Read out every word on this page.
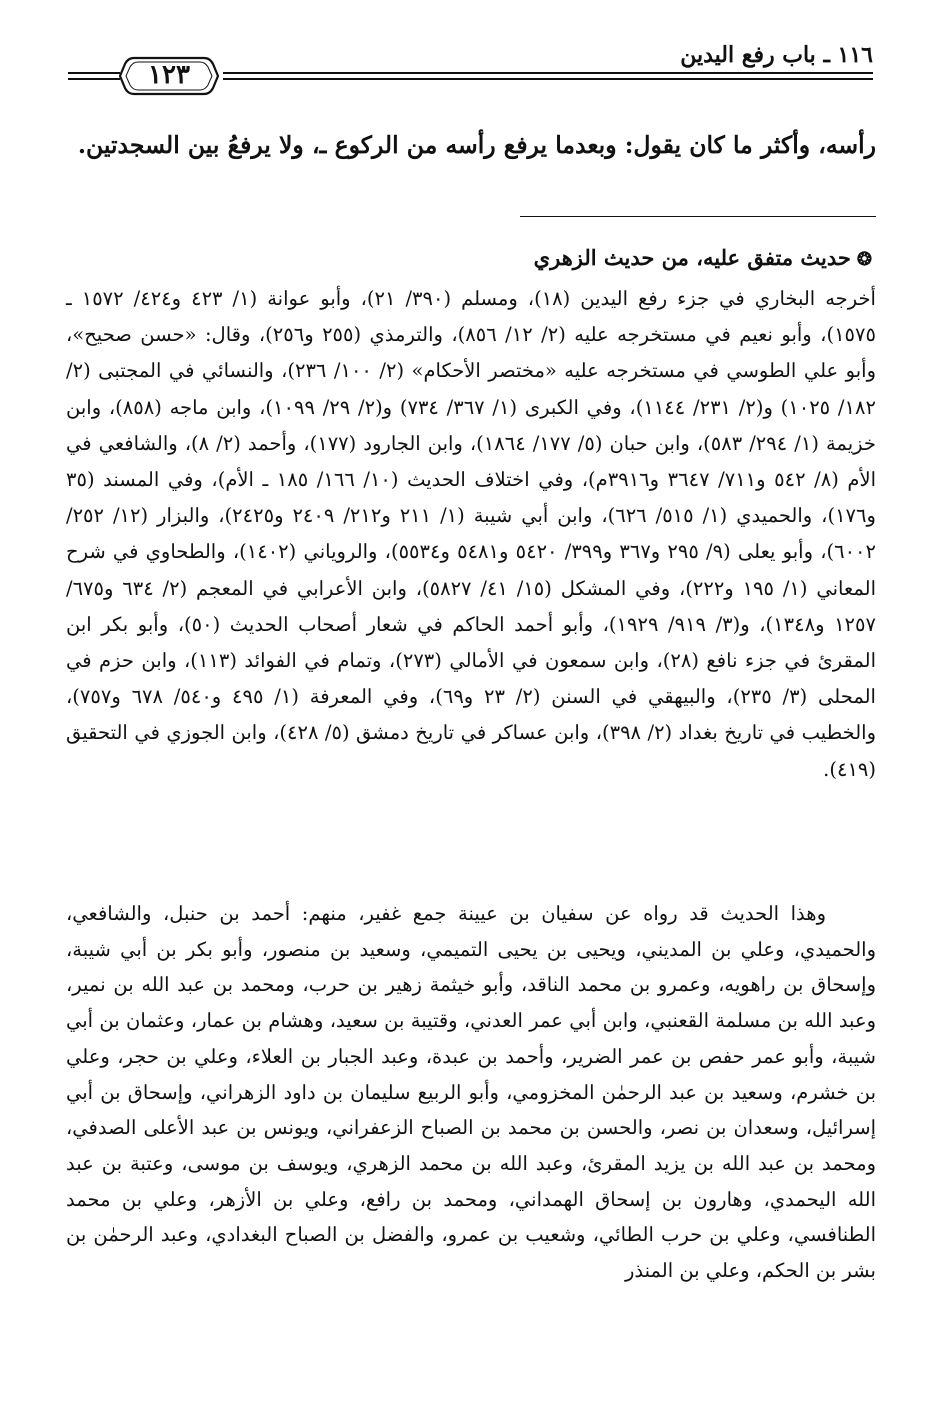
١١٦ ـ باب رفع اليدين
١٢٣
رأسه، وأكثر ما كان يقول: وبعدما يرفع رأسه من الركوع ـ، ولا يرفعُ بين السجدتين.
❂حديث متفق عليه، من حديث الزهري

أخرجه البخاري في جزء رفع اليدين (١٨)، ومسلم (٣٩٠/ ٢١)، وأبو عوانة (١/ ٤٢٣ و٤٢٤/ ١٥٧٢ ـ ١٥٧٥)، وأبو نعيم في مستخرجه عليه (٢/ ١٢/ ٨٥٦)، والترمذي (٢٥٥ و٢٥٦)، وقال: «حسن صحيح»، وأبو علي الطوسي في مستخرجه عليه «مختصر الأحكام» (٢/ ١٠٠/ ٢٣٦)، والنسائي في المجتبى (٢/ ١٨٢/ ١٠٢٥) و(٢/ ٢٣١/ ١١٤٤)، وفي الكبرى (١/ ٣٦٧/ ٧٣٤) و(٢/ ٢٩/ ١٠٩٩)، وابن ماجه (٨٥٨)، وابن خزيمة (١/ ٢٩٤/ ٥٨٣)، وابن حبان (٥/ ١٧٧/ ١٨٦٤)، وابن الجارود (١٧٧)، وأحمد (٢/ ٨)، والشافعي في الأم (٨/ ٥٤٢ و٧١١/ ٣٦٤٧ و٣٩١٦م)، وفي اختلاف الحديث (١٠/ ١٦٦/ ١٨٥ ـ الأم)، وفي المسند (٣٥ و١٧٦)، والحميدي (١/ ٥١٥/ ٦٢٦)، وابن أبي شيبة (١/ ٢١١ و٢١٢/ ٢٤٠٩ و٢٤٢٥)، والبزار (١٢/ ٢٥٢/ ٦٠٠٢)، وأبو يعلى (٩/ ٢٩٥ و٣٦٧ و٣٩٩/ ٥٤٢٠ و٥٤٨١ و٥٥٣٤)، والروياني (١٤٠٢)، والطحاوي في شرح المعاني (١/ ١٩٥ و٢٢٢)، وفي المشكل (١٥/ ٤١/ ٥٨٢٧)، وابن الأعرابي في المعجم (٢/ ٦٣٤ و٦٧٥/ ١٢٥٧ و١٣٤٨)، و(٣/ ٩١٩/ ١٩٢٩)، وأبو أحمد الحاكم في شعار أصحاب الحديث (٥٠)، وأبو بكر ابن المقرئ في جزء نافع (٢٨)، وابن سمعون في الأمالي (٢٧٣)، وتمام في الفوائد (١١٣)، وابن حزم في المحلى (٣/ ٢٣٥)، والبيهقي في السنن (٢/ ٢٣ و٦٩)، وفي المعرفة (١/ ٤٩٥ و٥٤٠/ ٦٧٨ و٧٥٧)، والخطيب في تاريخ بغداد (٢/ ٣٩٨)، وابن عساكر في تاريخ دمشق (٥/ ٤٢٨)، وابن الجوزي في التحقيق (٤١٩).

وهذا الحديث قد رواه عن سفيان بن عيينة جمع غفير، منهم: أحمد بن حنبل، والشافعي، والحميدي، وعلي بن المديني، ويحيى بن يحيى التميمي، وسعيد بن منصور، وأبو بكر بن أبي شيبة، وإسحاق بن راهويه، وعمرو بن محمد الناقد، وأبو خيثمة زهير بن حرب، ومحمد بن عبد الله بن نمير، وعبد الله بن مسلمة القعنبي، وابن أبي عمر العدني، وقتيبة بن سعيد، وهشام بن عمار، وعثمان بن أبي شيبة، وأبو عمر حفص بن عمر الضرير، وأحمد بن عبدة، وعبد الجبار بن العلاء، وعلي بن حجر، وعلي بن خشرم، وسعيد بن عبد الرحمٰن المخزومي، وأبو الربيع سليمان بن داود الزهراني، وإسحاق بن أبي إسرائيل، وسعدان بن نصر، والحسن بن محمد بن الصباح الزعفراني، ويونس بن عبد الأعلى الصدفي، ومحمد بن عبد الله بن يزيد المقرئ، وعبد الله بن محمد الزهري، ويوسف بن موسى، وعتبة بن عبد الله اليحمدي، وهارون بن إسحاق الهمداني، ومحمد بن رافع، وعلي بن الأزهر، وعلي بن محمد الطنافسي، وعلي بن حرب الطائي، وشعيب بن عمرو، والفضل بن الصباح البغدادي، وعبد الرحمٰن بن بشر بن الحكم، وعلي بن المنذر
